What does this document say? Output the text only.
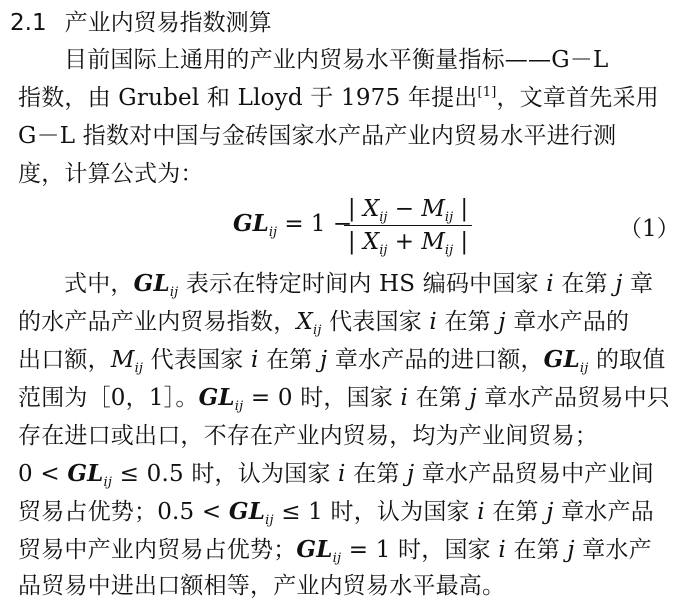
2.1 产业内贸易指数测算
目前国际上通用的产业内贸易水平衡量指标——G－L
指数，由 Grubel 和 Lloyd 于 1975 年提出[1]，文章首先采用
G－L 指数对中国与金砖国家水产品产业内贸易水平进行测
度，计算公式为：
$GL_{ij} = 1$ −
| $X_{ij} - M_{ij}$ |
| $X_{ij} + M_{ij}$ |	（1）
式中，$GL_{ij}$ 表示在特定时间内 HS 编码中国家 i 在第 j 章
的水产品产业内贸易指数，$X_{ij}$ 代表国家 i 在第 j 章水产品的
出口额，$M_{ij}$ 代表国家 i 在第 j 章水产品的进口额，$GL_{ij}$ 的取值
范围为［0，1］。$GL_{ij} = 0$ 时，国家 i 在第 j 章水产品贸易中只
存在进口或出口，不存在产业内贸易，均为产业间贸易；
$0 < GL_{ij} \le 0.5$ 时，认为国家 i 在第 j 章水产品贸易中产业间
贸易占优势；$0.5 < GL_{ij} \le 1$ 时，认为国家 i 在第 j 章水产品
贸易中产业内贸易占优势；$GL_{ij} = 1$ 时，国家 i 在第 j 章水产
品贸易中进出口额相等，产业内贸易水平最高。
